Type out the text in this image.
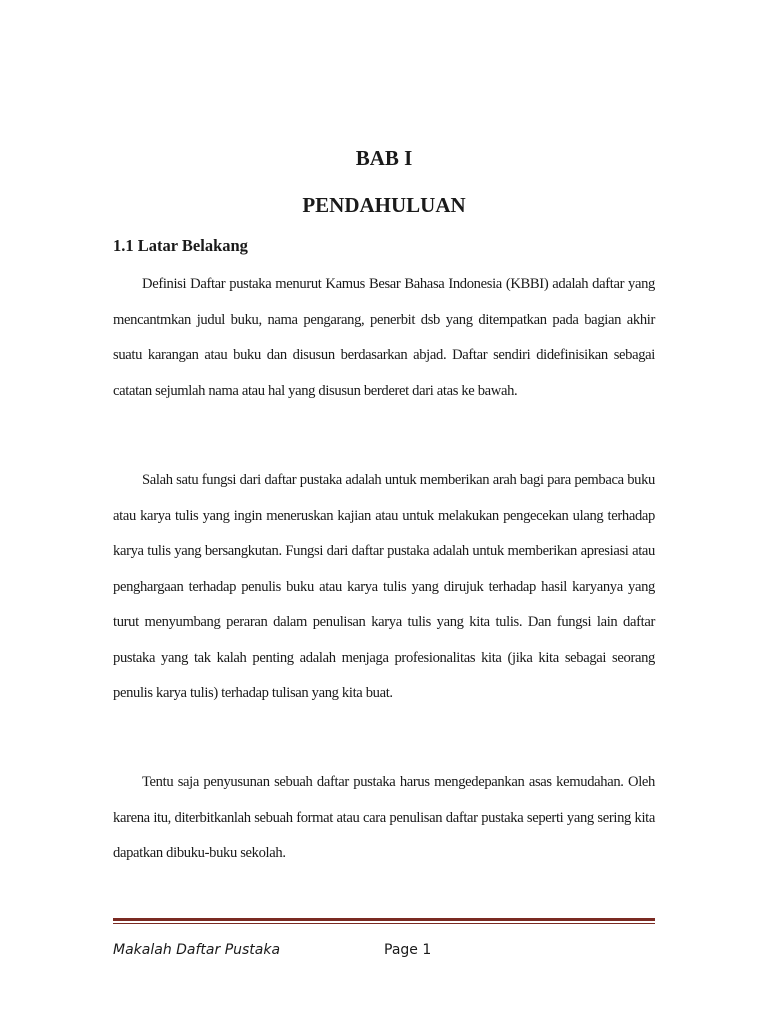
BAB I
PENDAHULUAN
1.1 Latar Belakang

Definisi Daftar pustaka menurut Kamus Besar Bahasa Indonesia (KBBI) adalah daftar yang mencantmkan judul buku, nama pengarang, penerbit dsb yang ditempatkan pada bagian akhir suatu karangan atau buku dan disusun berdasarkan abjad. Daftar sendiri didefinisikan sebagai catatan sejumlah nama atau hal yang disusun berderet dari atas ke bawah.

Salah satu fungsi dari daftar pustaka adalah untuk memberikan arah bagi para pembaca buku atau karya tulis yang ingin meneruskan kajian atau untuk melakukan pengecekan ulang terhadap karya tulis yang bersangkutan. Fungsi dari daftar pustaka adalah untuk memberikan apresiasi atau penghargaan terhadap penulis buku atau karya tulis yang dirujuk terhadap hasil karyanya yang turut menyumbang peraran dalam penulisan karya tulis yang kita tulis. Dan fungsi lain daftar pustaka yang tak kalah penting adalah menjaga profesionalitas kita (jika kita sebagai seorang penulis karya tulis) terhadap tulisan yang kita buat.

Tentu saja penyusunan sebuah daftar pustaka harus mengedepankan asas kemudahan. Oleh karena itu, diterbitkanlah sebuah format atau cara penulisan daftar pustaka seperti yang sering kita dapatkan dibuku-buku sekolah.

Makalah Daftar Pustaka	Page 1
